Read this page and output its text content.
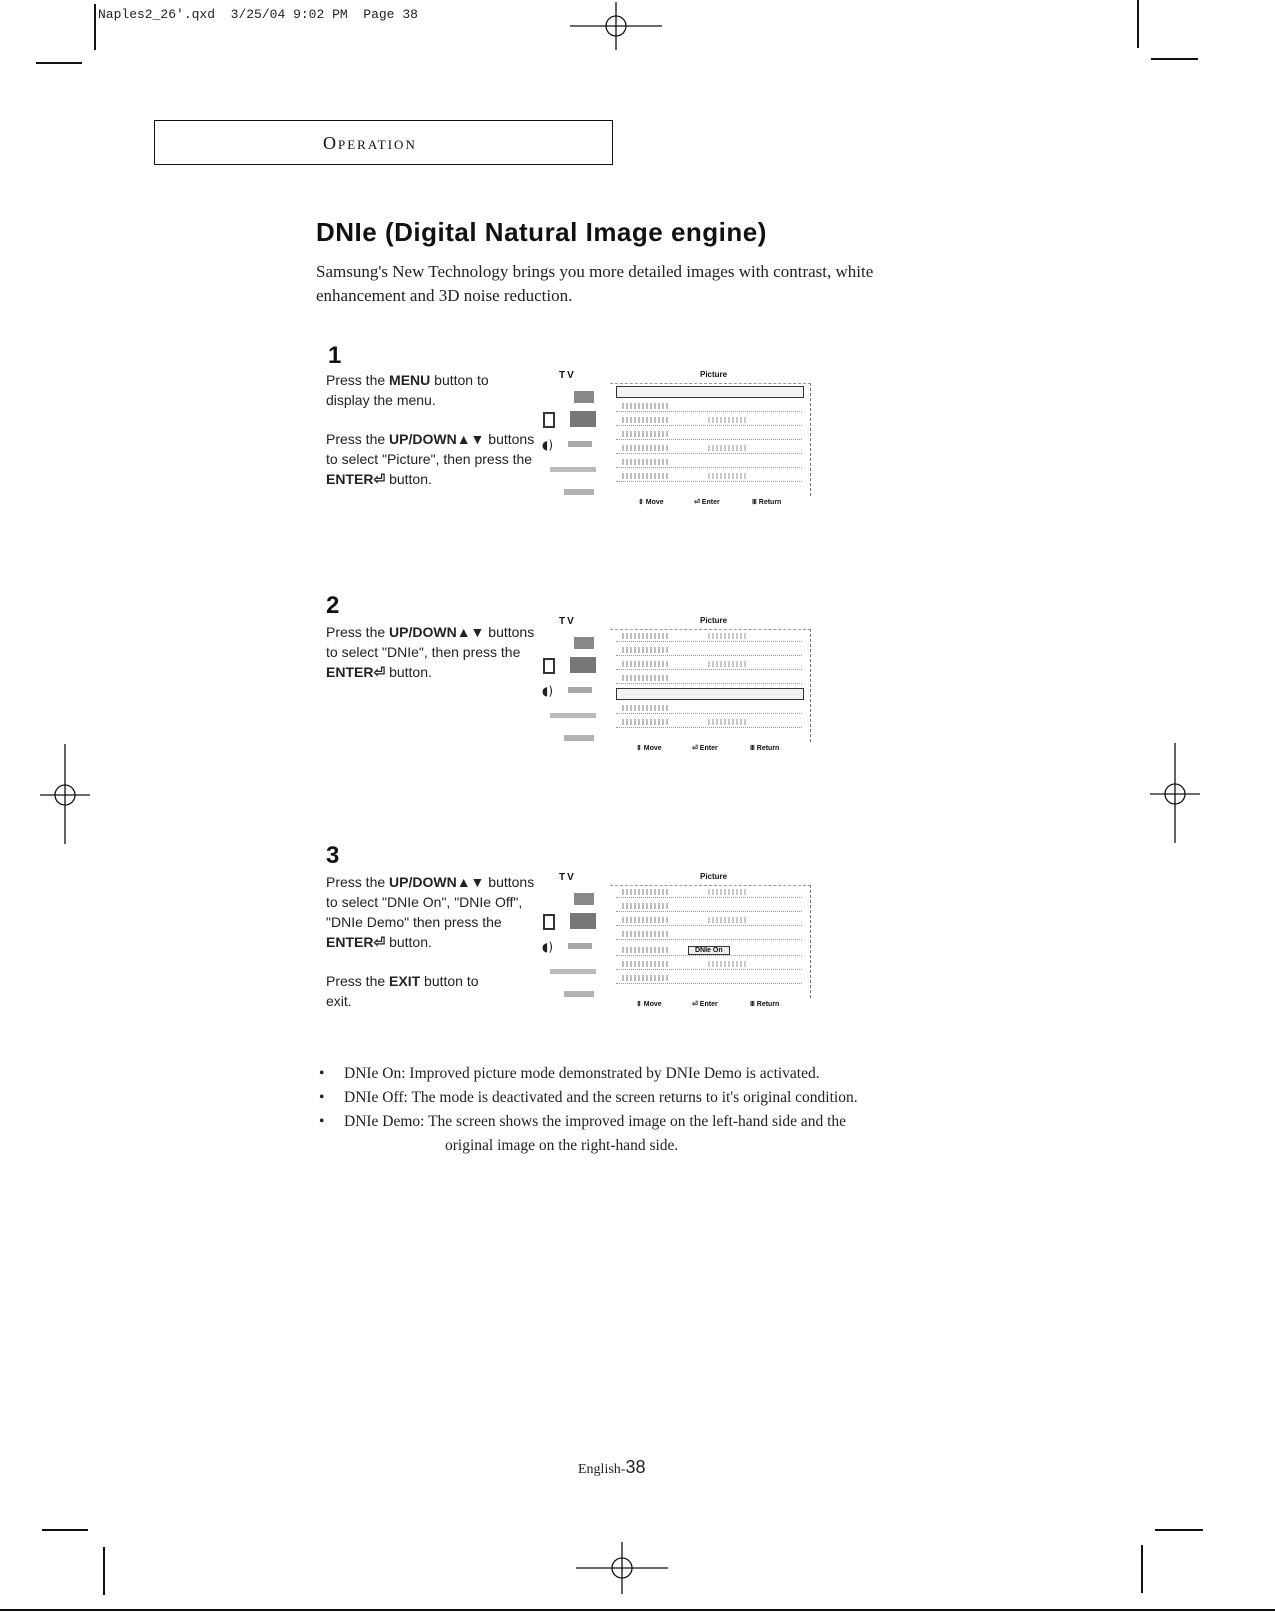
Naples2_26'.qxd 3/25/04 9:02 PM Page 38
Operation
DNIe (Digital Natural Image engine)
Samsung's New Technology brings you more detailed images with contrast, white enhancement and 3D noise reduction.
1

Press the MENU button to display the menu.

Press the UP/DOWN▲▼ buttons to select "Picture", then press the ENTER⏎ button.

TV	Picture
◖)
⇕ Move	⏎ Enter	Ⅲ Return
2

Press the UP/DOWN▲▼ buttons to select "DNIe", then press the ENTER⏎ button.

TV	Picture
◖)
⇕ Move	⏎ Enter	Ⅲ Return
3

Press the UP/DOWN▲▼ buttons to select "DNIe On", "DNIe Off", "DNIe Demo" then press the ENTER⏎ button.

Press the EXIT button to exit.

TV	Picture
◖)	DNIe On
⇕ Move	⏎ Enter	Ⅲ Return
• DNIe On: Improved picture mode demonstrated by DNIe Demo is activated.
• DNIe Off: The mode is deactivated and the screen returns to it's original condition.
• DNIe Demo: The screen shows the improved image on the left-hand side and the
original image on the right-hand side.
English-38
